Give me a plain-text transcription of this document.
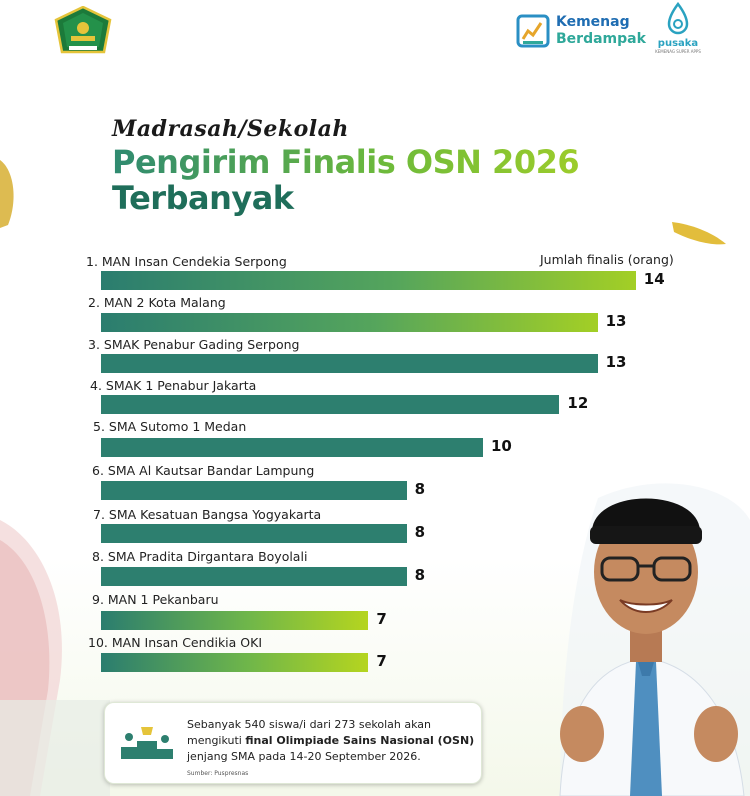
Kemenag
Berdampak	pusaka
KEMENAG SUPER APPS
Madrasah/Sekolah
Pengirim Finalis OSN 2026
Terbanyak
Jumlah finalis (orang)
1. MAN Insan Cendekia Serpong
14
2. MAN 2 Kota Malang
13
3. SMAK Penabur Gading Serpong
13
4. SMAK 1 Penabur Jakarta
12
5. SMA Sutomo 1 Medan
10
6. SMA Al Kautsar Bandar Lampung
8
7. SMA Kesatuan Bangsa Yogyakarta
8
8. SMA Pradita Dirgantara Boyolali
8
9. MAN 1 Pekanbaru
7
10. MAN Insan Cendikia OKI
7
Sebanyak 540 siswa/i dari 273 sekolah akan
mengikuti final Olimpiade Sains Nasional (OSN)
jenjang SMA pada 14-20 September 2026.
Sumber: Puspresnas
